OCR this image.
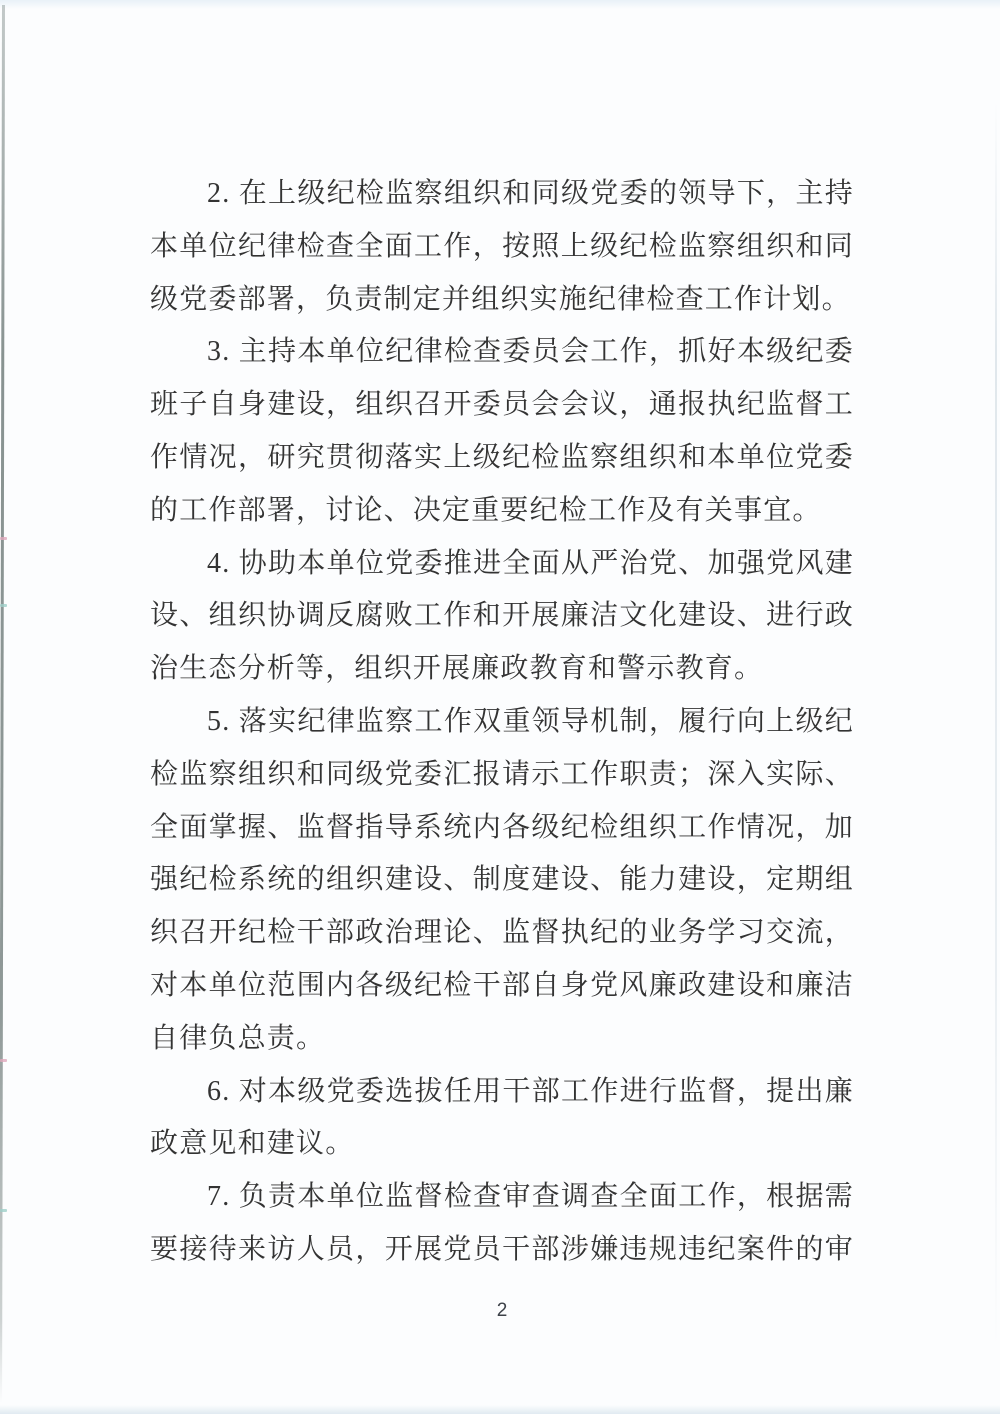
2. 在上级纪检监察组织和同级党委的领导下，主持
本单位纪律检查全面工作，按照上级纪检监察组织和同
级党委部署，负责制定并组织实施纪律检查工作计划。
3. 主持本单位纪律检查委员会工作，抓好本级纪委
班子自身建设，组织召开委员会会议，通报执纪监督工
作情况，研究贯彻落实上级纪检监察组织和本单位党委
的工作部署，讨论、决定重要纪检工作及有关事宜。
4. 协助本单位党委推进全面从严治党、加强党风建
设、组织协调反腐败工作和开展廉洁文化建设、进行政
治生态分析等，组织开展廉政教育和警示教育。
5. 落实纪律监察工作双重领导机制，履行向上级纪
检监察组织和同级党委汇报请示工作职责；深入实际、
全面掌握、监督指导系统内各级纪检组织工作情况，加
强纪检系统的组织建设、制度建设、能力建设，定期组
织召开纪检干部政治理论、监督执纪的业务学习交流，
对本单位范围内各级纪检干部自身党风廉政建设和廉洁
自律负总责。
6. 对本级党委选拔任用干部工作进行监督，提出廉
政意见和建议。
7. 负责本单位监督检查审查调查全面工作，根据需
要接待来访人员，开展党员干部涉嫌违规违纪案件的审
2
